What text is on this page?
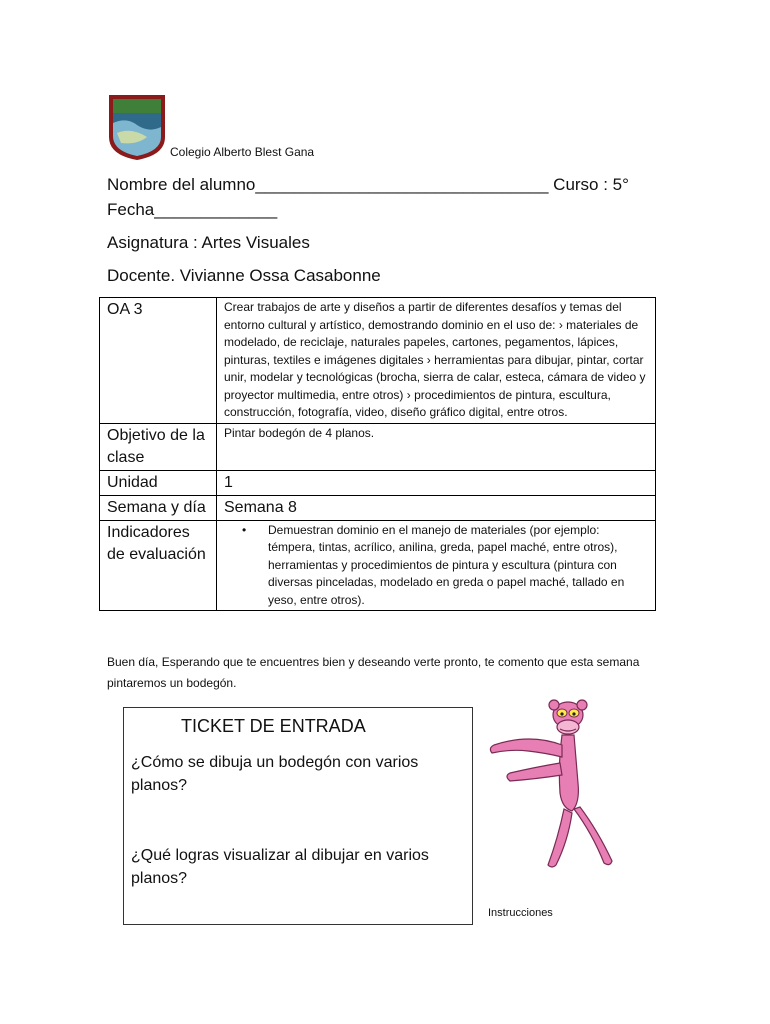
Colegio Alberto Blest Gana
Nombre del alumno_______________________________ Curso : 5°
Fecha_____________
Asignatura : Artes Visuales
Docente. Vivianne Ossa Casabonne
OA 3	Crear trabajos de arte y diseños a partir de diferentes desafíos y temas del entorno cultural y artístico, demostrando dominio en el uso de: › materiales de modelado, de reciclaje, naturales papeles, cartones, pegamentos, lápices, pinturas, textiles e imágenes digitales › herramientas para dibujar, pintar, cortar unir, modelar y tecnológicas (brocha, sierra de calar, esteca, cámara de video y proyector multimedia, entre otros) › procedimientos de pintura, escultura, construcción, fotografía, video, diseño gráfico digital, entre otros.
Objetivo de la clase	Pintar bodegón de 4 planos.
Unidad	1
Semana y día	Semana 8
Indicadores de evaluación	• Demuestran dominio en el manejo de materiales (por ejemplo: témpera, tintas, acrílico, anilina, greda, papel maché, entre otros), herramientas y procedimientos de pintura y escultura (pintura con diversas pinceladas, modelado en greda o papel maché, tallado en yeso, entre otros).
Buen día, Esperando que te encuentres bien y deseando verte pronto, te comento que esta semana pintaremos un bodegón.
TICKET DE ENTRADA
¿Cómo se dibuja un bodegón con varios planos?
¿Qué logras visualizar al dibujar en varios planos?
Instrucciones
